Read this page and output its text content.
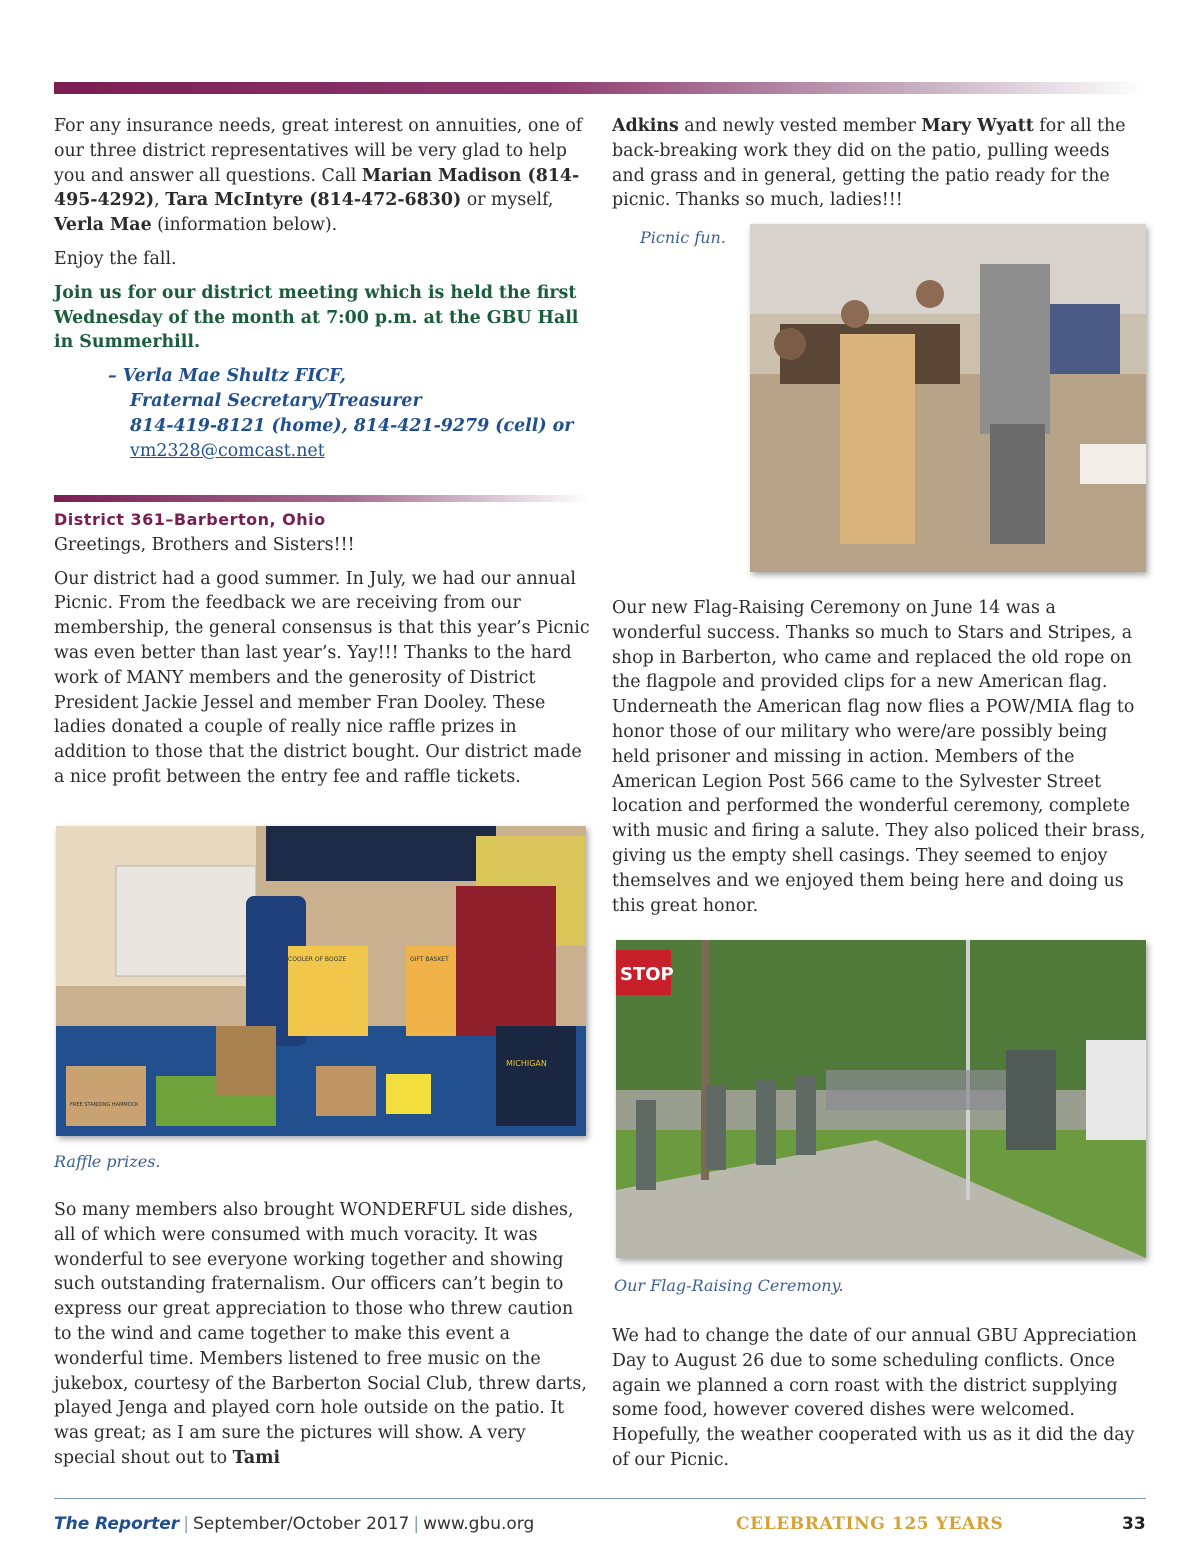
For any insurance needs, great interest on annuities, one of our three district representatives will be very glad to help you and answer all questions. Call Marian Madison (814-495-4292), Tara McIntyre (814-472-6830) or myself, Verla Mae (information below).

Enjoy the fall.

Join us for our district meeting which is held the first Wednesday of the month at 7:00 p.m. at the GBU Hall in Summerhill.

– Verla Mae Shultz FICF,
Fraternal Secretary/Treasurer
814-419-8121 (home), 814-421-9279 (cell) or
vm2328@comcast.net
District 361–Barberton, Ohio

Greetings, Brothers and Sisters!!!

Our district had a good summer. In July, we had our annual Picnic. From the feedback we are receiving from our membership, the general consensus is that this year’s Picnic was even better than last year’s. Yay!!! Thanks to the hard work of MANY members and the generosity of District President Jackie Jessel and member Fran Dooley. These ladies donated a couple of really nice raffle prizes in addition to those that the district bought. Our district made a nice profit between the entry fee and raffle tickets.

COOLER OF BOOZE	GIFT BASKET
FREE STANDING HAMMOCK
MICHIGAN
Raffle prizes.

So many members also brought WONDERFUL side dishes, all of which were consumed with much voracity. It was wonderful to see everyone working together and showing such outstanding fraternalism. Our officers can’t begin to express our great appreciation to those who threw caution to the wind and came together to make this event a wonderful time. Members listened to free music on the jukebox, courtesy of the Barberton Social Club, threw darts, played Jenga and played corn hole outside on the patio. It was great; as I am sure the pictures will show. A very special shout out to Tami

Adkins and newly vested member Mary Wyatt for all the back-breaking work they did on the patio, pulling weeds and grass and in general, getting the patio ready for the picnic. Thanks so much, ladies!!!

Picnic fun.

Our new Flag-Raising Ceremony on June 14 was a wonderful success. Thanks so much to Stars and Stripes, a shop in Barberton, who came and replaced the old rope on the flagpole and provided clips for a new American flag. Underneath the American flag now flies a POW/MIA flag to honor those of our military who were/are possibly being held prisoner and missing in action. Members of the American Legion Post 566 came to the Sylvester Street location and performed the wonderful ceremony, complete with music and firing a salute. They also policed their brass, giving us the empty shell casings. They seemed to enjoy themselves and we enjoyed them being here and doing us this great honor.

STOP
Our Flag-Raising Ceremony.

We had to change the date of our annual GBU Appreciation Day to August 26 due to some scheduling conflicts. Once again we planned a corn roast with the district supplying some food, however covered dishes were welcomed. Hopefully, the weather cooperated with us as it did the day of our Picnic.

The Reporter | September/October 2017 | www.gbu.org	CELEBRATING 125 YEARS	33
